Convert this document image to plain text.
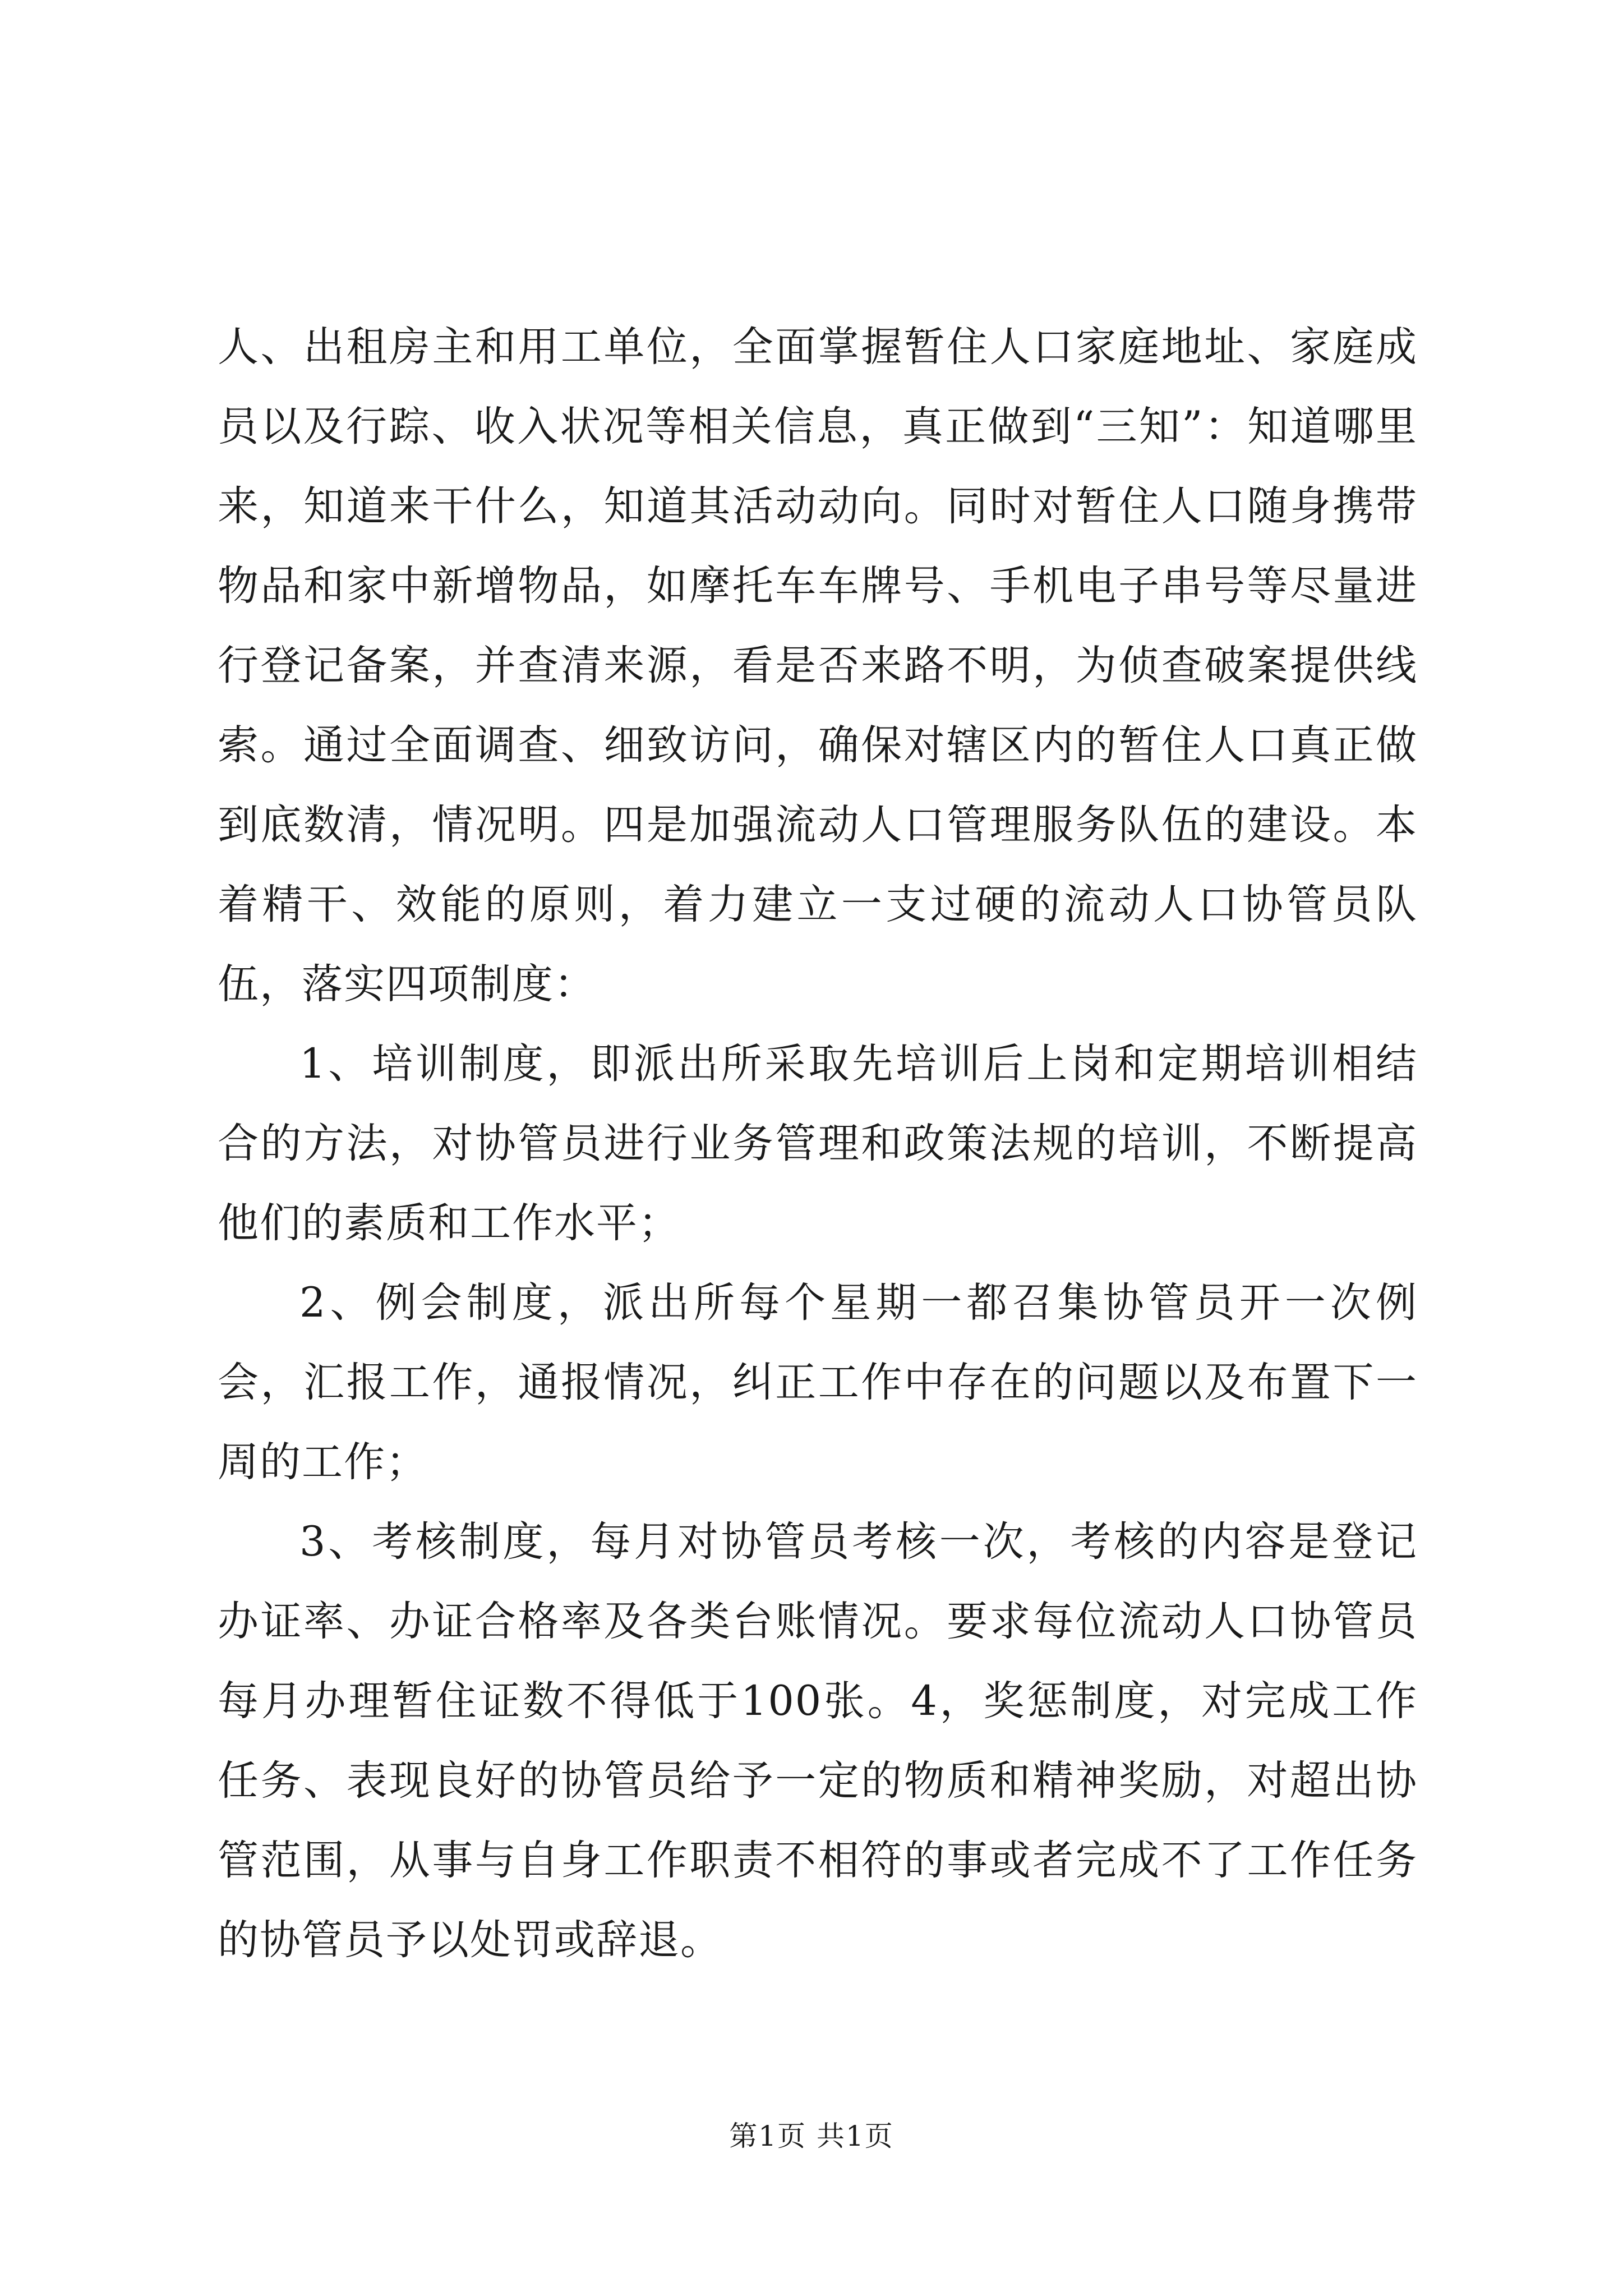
人、出租房主和用工单位，全面掌握暂住人口家庭地址、家庭成员以及行踪、收入状况等相关信息，真正做到“三知”：知道哪里来，知道来干什么，知道其活动动向。同时对暂住人口随身携带物品和家中新增物品，如摩托车车牌号、手机电子串号等尽量进行登记备案，并查清来源，看是否来路不明，为侦查破案提供线索。通过全面调查、细致访问，确保对辖区内的暂住人口真正做到底数清，情况明。四是加强流动人口管理服务队伍的建设。本着精干、效能的原则，着力建立一支过硬的流动人口协管员队伍，落实四项制度：

1、培训制度，即派出所采取先培训后上岗和定期培训相结合的方法，对协管员进行业务管理和政策法规的培训，不断提高他们的素质和工作水平；

2、例会制度，派出所每个星期一都召集协管员开一次例会，汇报工作，通报情况，纠正工作中存在的问题以及布置下一周的工作；

3、考核制度，每月对协管员考核一次，考核的内容是登记办证率、办证合格率及各类台账情况。要求每位流动人口协管员每月办理暂住证数不得低于100张。4，奖惩制度，对完成工作任务、表现良好的协管员给予一定的物质和精神奖励，对超出协管范围，从事与自身工作职责不相符的事或者完成不了工作任务的协管员予以处罚或辞退。

第1页 共1页
